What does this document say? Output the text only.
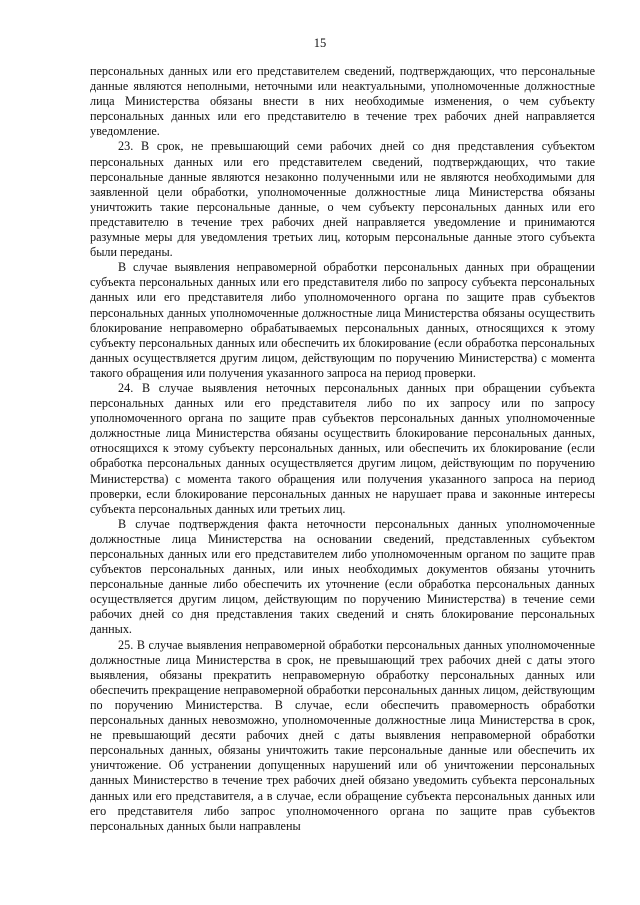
15

персональных данных или его представителем сведений, подтверждающих, что персональные данные являются неполными, неточными или неактуальными, уполномоченные должностные лица Министерства обязаны внести в них необходимые изменения, о чем субъекту персональных данных или его представителю в течение трех рабочих дней направляется уведомление.

23. В срок, не превышающий семи рабочих дней со дня представления субъектом персональных данных или его представителем сведений, подтверждающих, что такие персональные данные являются незаконно полученными или не являются необходимыми для заявленной цели обработки, уполномоченные должностные лица Министерства обязаны уничтожить такие персональные данные, о чем субъекту персональных данных или его представителю в течение трех рабочих дней направляется уведомление и принимаются разумные меры для уведомления третьих лиц, которым персональные данные этого субъекта были переданы.

В случае выявления неправомерной обработки персональных данных при обращении субъекта персональных данных или его представителя либо по запросу субъекта персональных данных или его представителя либо уполномоченного органа по защите прав субъектов персональных данных уполномоченные должностные лица Министерства обязаны осуществить блокирование неправомерно обрабатываемых персональных данных, относящихся к этому субъекту персональных данных или обеспечить их блокирование (если обработка персональных данных осуществляется другим лицом, действующим по поручению Министерства) с момента такого обращения или получения указанного запроса на период проверки.

24. В случае выявления неточных персональных данных при обращении субъекта персональных данных или его представителя либо по их запросу или по запросу уполномоченного органа по защите прав субъектов персональных данных уполномоченные должностные лица Министерства обязаны осуществить блокирование персональных данных, относящихся к этому субъекту персональных данных, или обеспечить их блокирование (если обработка персональных данных осуществляется другим лицом, действующим по поручению Министерства) с момента такого обращения или получения указанного запроса на период проверки, если блокирование персональных данных не нарушает права и законные интересы субъекта персональных данных или третьих лиц.

В случае подтверждения факта неточности персональных данных уполномоченные должностные лица Министерства на основании сведений, представленных субъектом персональных данных или его представителем либо уполномоченным органом по защите прав субъектов персональных данных, или иных необходимых документов обязаны уточнить персональные данные либо обеспечить их уточнение (если обработка персональных данных осуществляется другим лицом, действующим по поручению Министерства) в течение семи рабочих дней со дня представления таких сведений и снять блокирование персональных данных.

25. В случае выявления неправомерной обработки персональных данных уполномоченные должностные лица Министерства в срок, не превышающий трех рабочих дней с даты этого выявления, обязаны прекратить неправомерную обработку персональных данных или обеспечить прекращение неправомерной обработки персональных данных лицом, действующим по поручению Министерства. В случае, если обеспечить правомерность обработки персональных данных невозможно, уполномоченные должностные лица Министерства в срок, не превышающий десяти рабочих дней с даты выявления неправомерной обработки персональных данных, обязаны уничтожить такие персональные данные или обеспечить их уничтожение. Об устранении допущенных нарушений или об уничтожении персональных данных Министерство в течение трех рабочих дней обязано уведомить субъекта персональных данных или его представителя, а в случае, если обращение субъекта персональных данных или его представителя либо запрос уполномоченного органа по защите прав субъектов персональных данных были направлены
